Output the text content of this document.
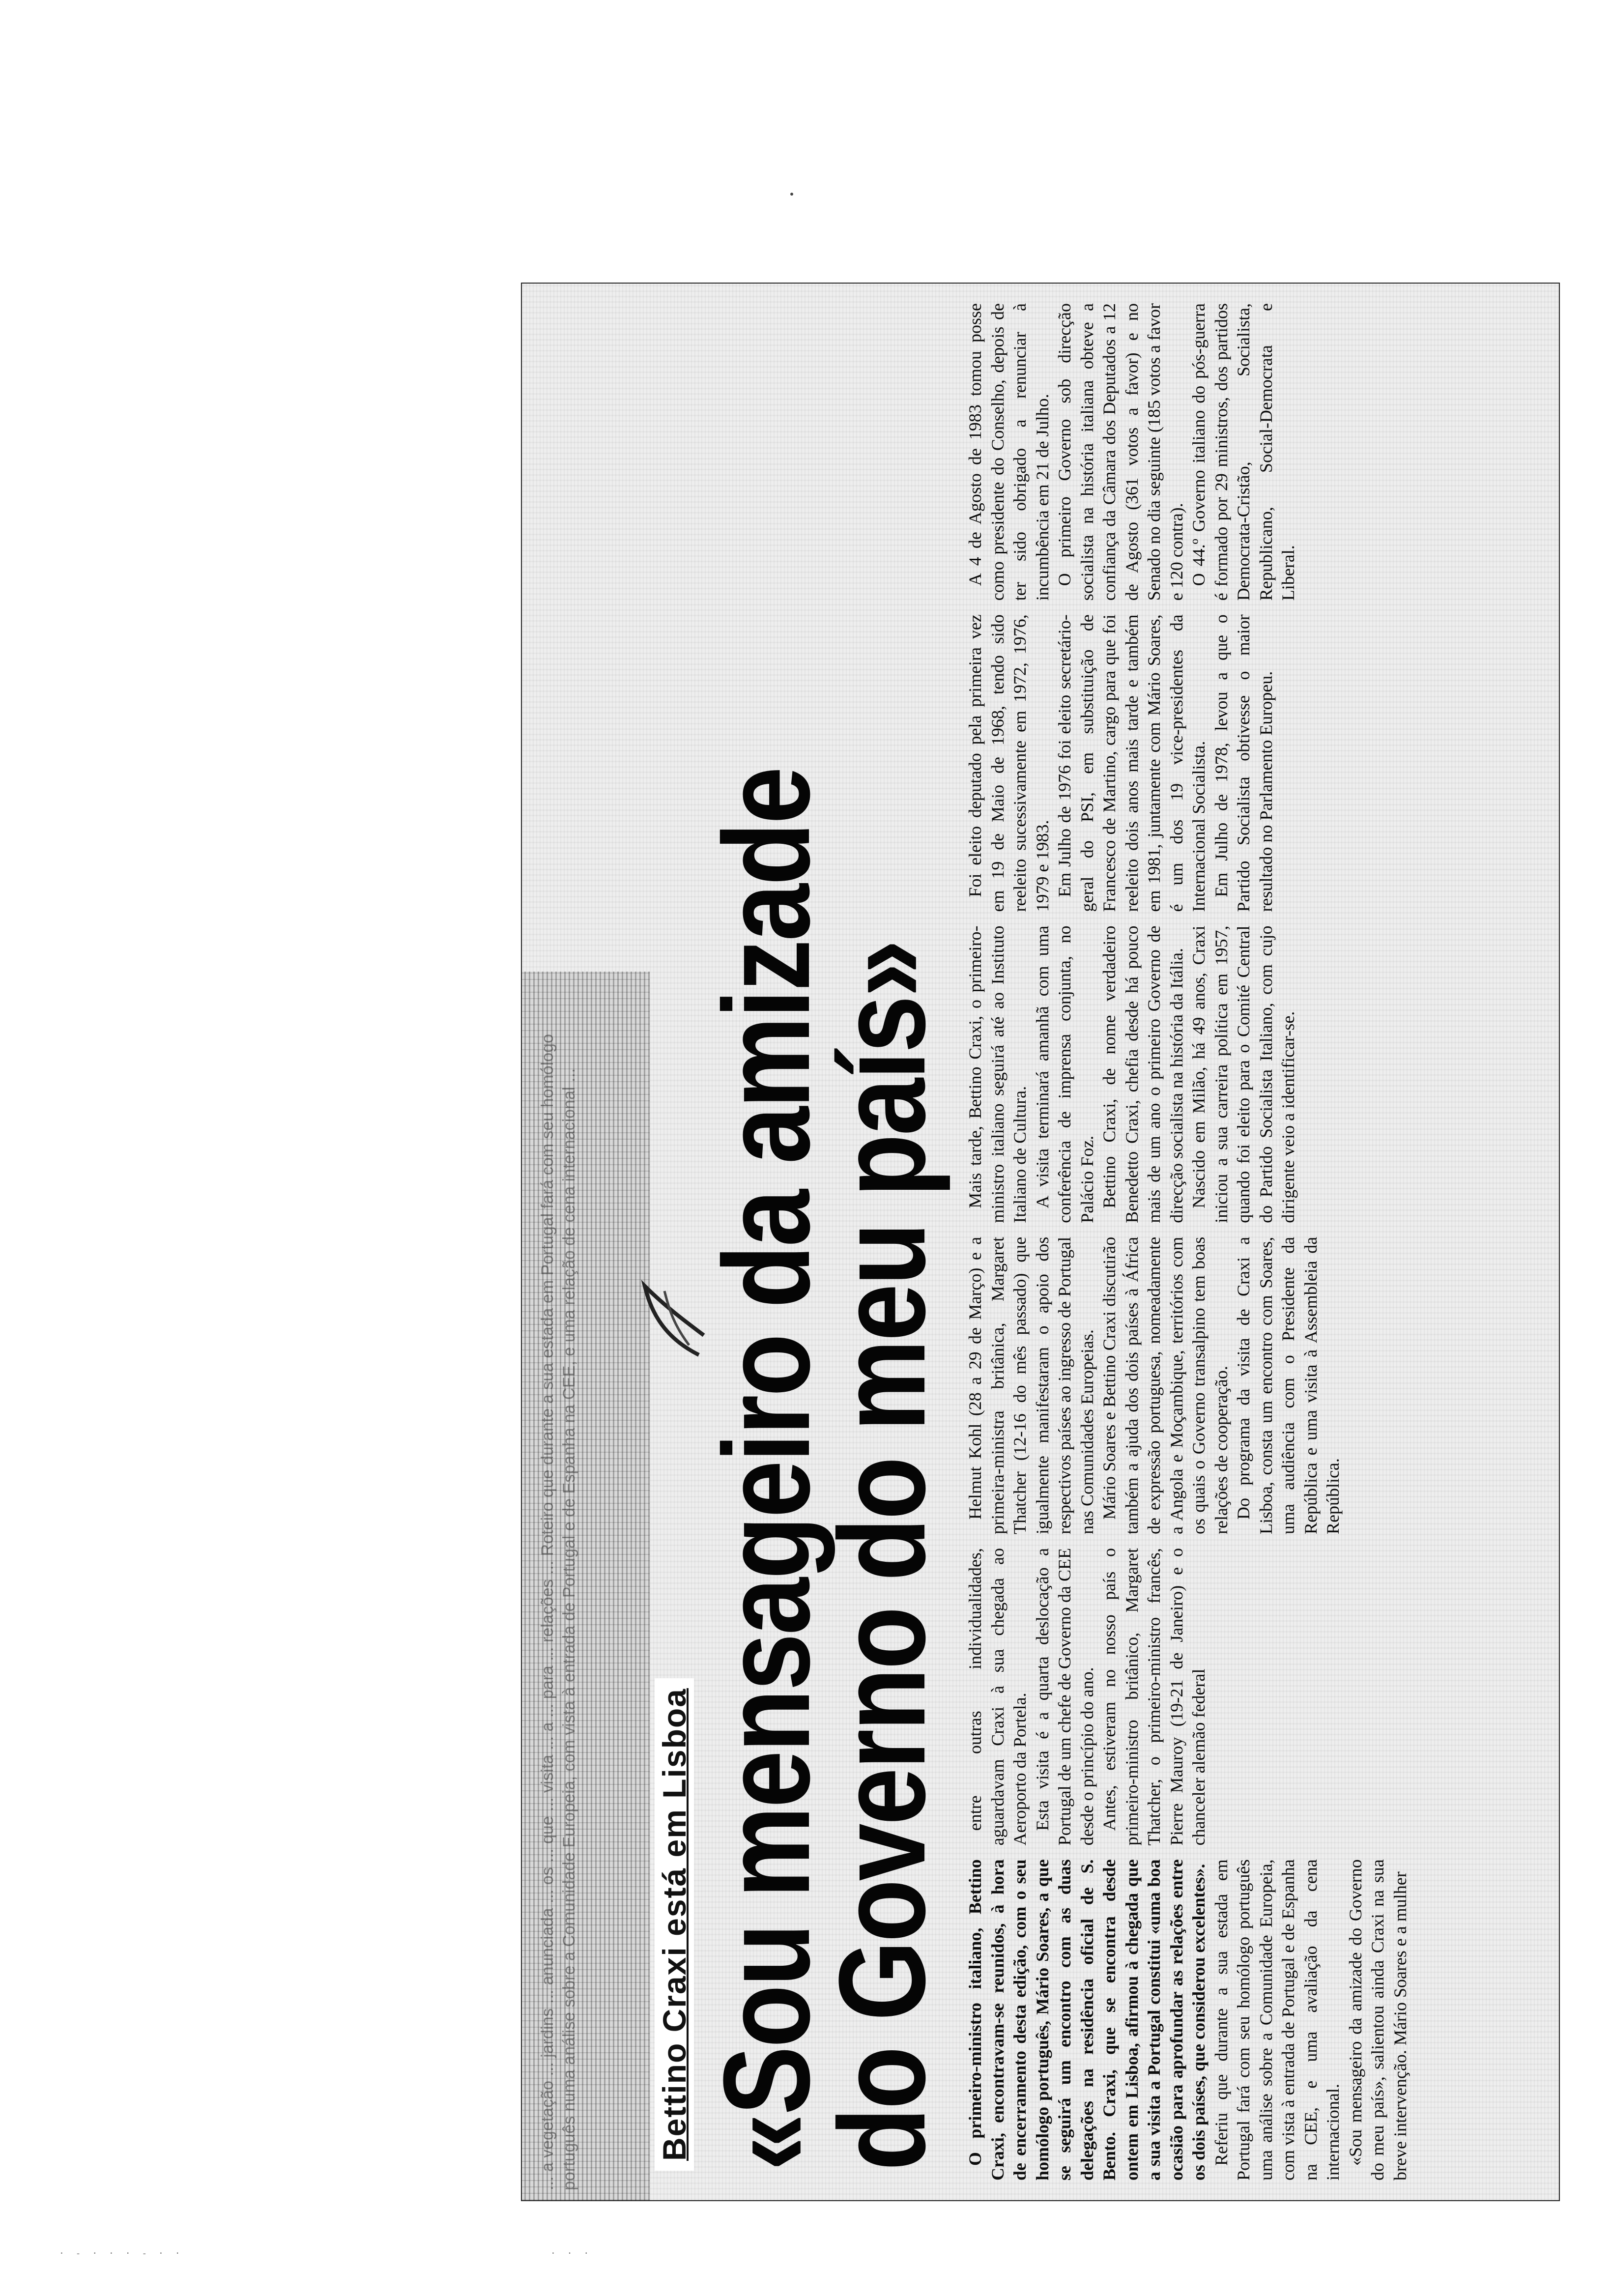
· - · · · - · ·	· · ·
... a vegetação ... jardins ... anunciada ... os ... que ... visita ... a ... para ... relações ... Roteiro que durante a sua estada em Portugal fará com seu homólogo português numa análise sobre a Comunidade Europeia, com vista à entrada de Portugal e de Espanha na CEE, e uma relação de cena internacional ... Bettino Craxi está em Lisboa «Sou mensageiro da amizade
do Governo do meu país» O primeiro-ministro italiano, Bettino Craxi, encontravam-se reunidos, à hora de encerramento desta edição, com o seu homólogo português, Mário Soares, a que se seguirá um encontro com as duas delegações na residência oficial de S. Bento. Craxi, que se encontra desde ontem em Lisboa, afirmou à chegada que a sua visita a Portugal constitui «uma boa ocasião para aprofundar as relações entre os dois países, que considerou excelentes». Referiu que durante a sua estada em Portugal fará com seu homólogo português uma análise sobre a Comunidade Europeia, com vista à entrada de Portugal e de Espanha na CEE, e uma avaliação da cena internacional. «Sou mensageiro da amizade do Governo do meu país», salientou ainda Craxi na sua breve intervenção. Mário Soares e a mulher

entre outras individualidades, aguardavam Craxi à sua chegada ao Aeroporto da Portela. Esta visita é a quarta deslocação a Portugal de um chefe de Governo da CEE desde o princípio do ano. Antes, estiveram no nosso país o primeiro-ministro britânico, Margaret Thatcher, o primeiro-ministro francês, Pierre Mauroy (19-21 de Janeiro) e o chanceler alemão federal

Helmut Kohl (28 a 29 de Março) e a primeira-ministra britânica, Margaret Thatcher (12-16 do mês passado) que igualmente manifestaram o apoio dos respectivos países ao ingresso de Portugal nas Comunidades Europeias. Mário Soares e Bettino Craxi discutirão também a ajuda dos dois países à África de expressão portuguesa, nomeadamente a Angola e Moçambique, territórios com os quais o Governo transalpino tem boas relações de cooperação. Do programa da visita de Craxi a Lisboa, consta um encontro com Soares, uma audiência com o Presidente da República e uma visita à Assembleia da República.

Mais tarde, Bettino Craxi, o primeiro-ministro italiano seguirá até ao Instituto Italiano de Cultura. A visita terminará amanhã com uma conferência de imprensa conjunta, no Palácio Foz. Bettino Craxi, de nome verdadeiro Benedetto Craxi, chefia desde há pouco mais de um ano o primeiro Governo de direcção socialista na história da Itália. Nascido em Milão, há 49 anos, Craxi iniciou a sua carreira política em 1957, quando foi eleito para o Comité Central do Partido Socialista Italiano, com cujo dirigente veio a identificar-se.

Foi eleito deputado pela primeira vez em 19 de Maio de 1968, tendo sido reeleito sucessivamente em 1972, 1976, 1979 e 1983. Em Julho de 1976 foi eleito secretário-geral do PSI, em substituição de Francesco de Martino, cargo para que foi reeleito dois anos mais tarde e também em 1981, juntamente com Mário Soares, é um dos 19 vice-presidentes da Internacional Socialista. Em Julho de 1978, levou a que o Partido Socialista obtivesse o maior resultado no Parlamento Europeu.

A 4 de Agosto de 1983 tomou posse como presidente do Conselho, depois de ter sido obrigado a renunciar à incumbência em 21 de Julho. O primeiro Governo sob direcção socialista na história italiana obteve a confiança da Câmara dos Deputados a 12 de Agosto (361 votos a favor) e no Senado no dia seguinte (185 votos a favor e 120 contra). O 44.º Governo italiano do pós-guerra é formado por 29 ministros, dos partidos Democrata-Cristão, Socialista, Republicano, Social-Democrata e Liberal.
